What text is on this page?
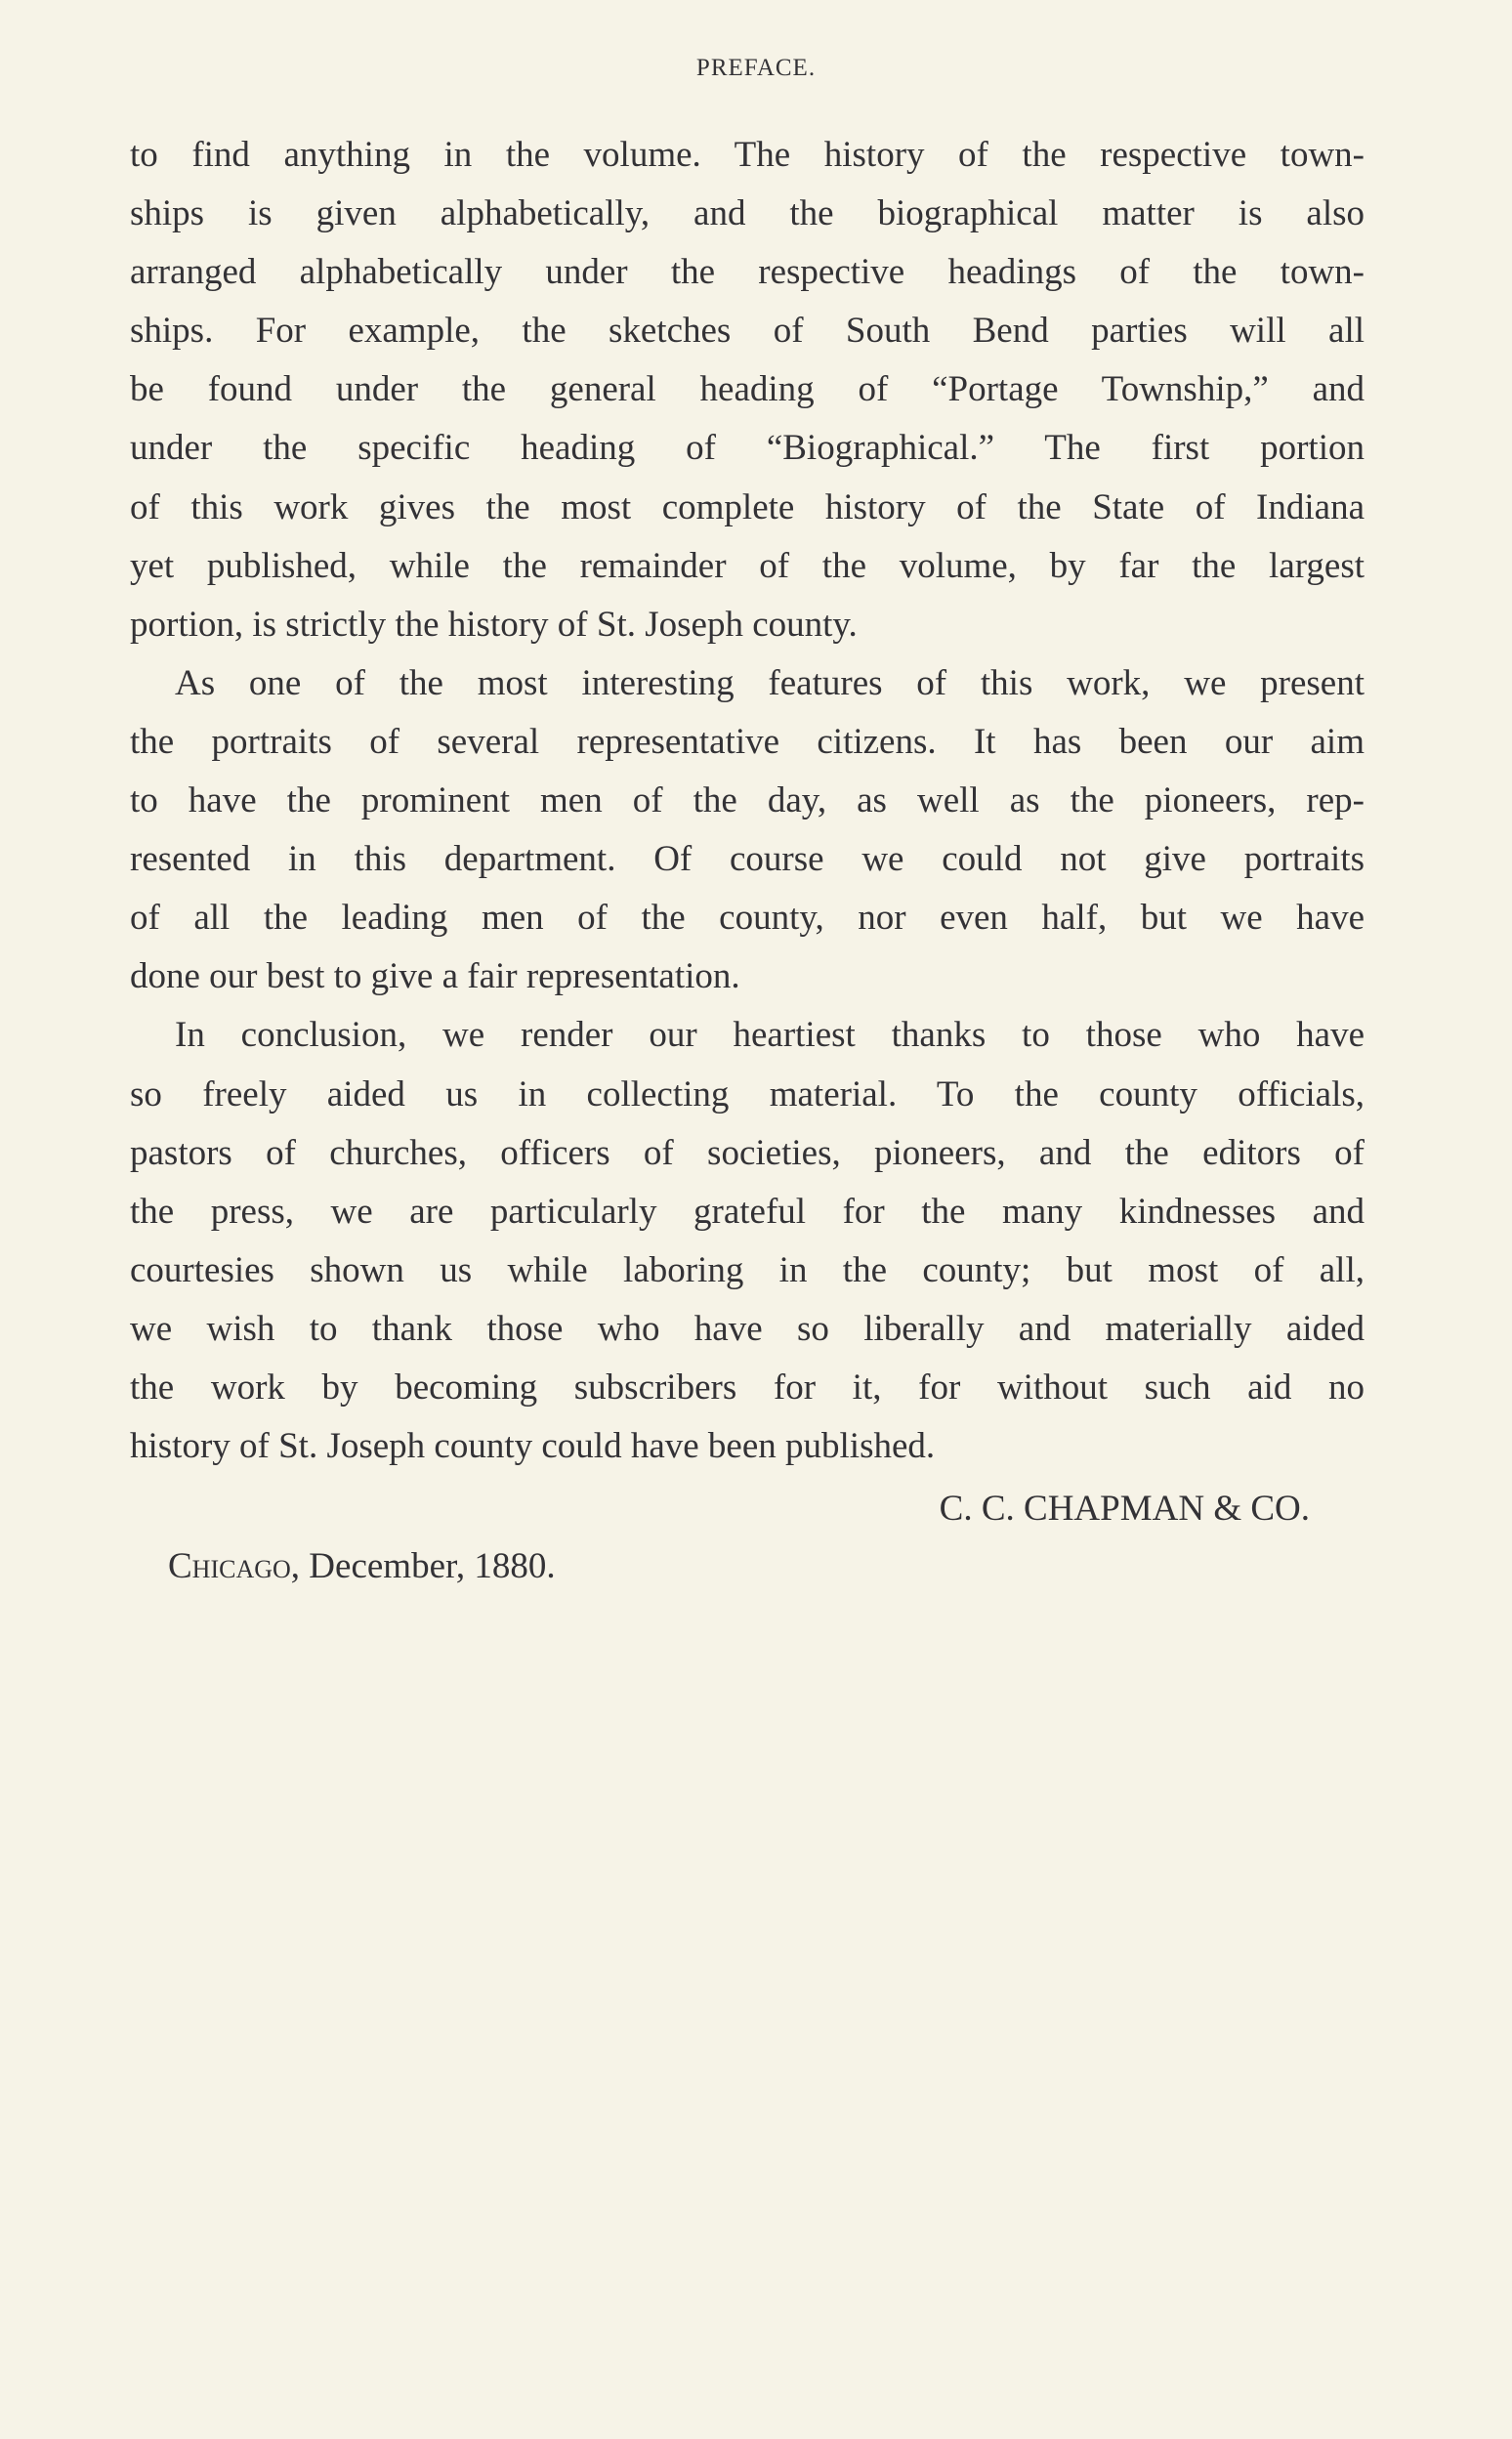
PREFACE.
to find anything in the volume. The history of the respective town-
ships is given alphabetically, and the biographical matter is also
arranged alphabetically under the respective headings of the town-
ships. For example, the sketches of South Bend parties will all
be found under the general heading of “Portage Township,” and
under the specific heading of “Biographical.” The first portion
of this work gives the most complete history of the State of Indiana
yet published, while the remainder of the volume, by far the largest
portion, is strictly the history of St. Joseph county.
As one of the most interesting features of this work, we present
the portraits of several representative citizens. It has been our aim
to have the prominent men of the day, as well as the pioneers, rep-
resented in this department. Of course we could not give portraits
of all the leading men of the county, nor even half, but we have
done our best to give a fair representation.
In conclusion, we render our heartiest thanks to those who have
so freely aided us in collecting material. To the county officials,
pastors of churches, officers of societies, pioneers, and the editors of
the press, we are particularly grateful for the many kindnesses and
courtesies shown us while laboring in the county; but most of all,
we wish to thank those who have so liberally and materially aided
the work by becoming subscribers for it, for without such aid no
history of St. Joseph county could have been published.
C. C. CHAPMAN & CO.
Chicago, December, 1880.
